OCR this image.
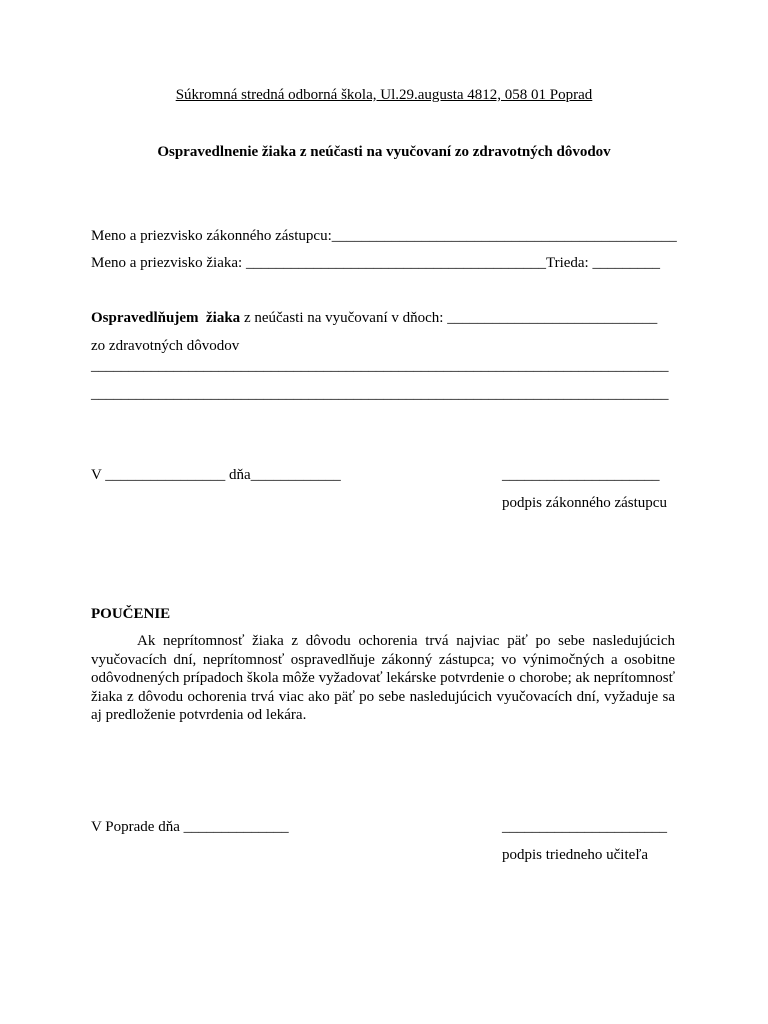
Súkromná stredná odborná škola, Ul.29.augusta 4812, 058 01 Poprad
Ospravedlnenie žiaka z neúčasti na vyučovaní zo zdravotných dôvodov
Meno a priezvisko zákonného zástupcu:______________________________________________
Meno a priezvisko žiaka: ________________________________________Trieda: _________
Ospravedlňujem  žiaka z neúčasti na vyučovaní v dňoch: ____________________________
zo zdravotných dôvodov
_____________________________________________________________________________
_____________________________________________________________________________
V ________________ dňa____________	_____________________
podpis zákonného zástupcu
POUČENIE
Ak neprítomnosť žiaka z dôvodu ochorenia trvá najviac päť po sebe nasledujúcich vyučovacích dní, neprítomnosť ospravedlňuje zákonný zástupca; vo výnimočných a osobitne odôvodnených prípadoch škola môže vyžadovať lekárske potvrdenie o chorobe; ak neprítomnosť žiaka z dôvodu ochorenia trvá viac ako päť po sebe nasledujúcich vyučovacích dní, vyžaduje sa aj predloženie potvrdenia od lekára.
V Poprade dňa ______________	______________________
podpis triedneho učiteľa
